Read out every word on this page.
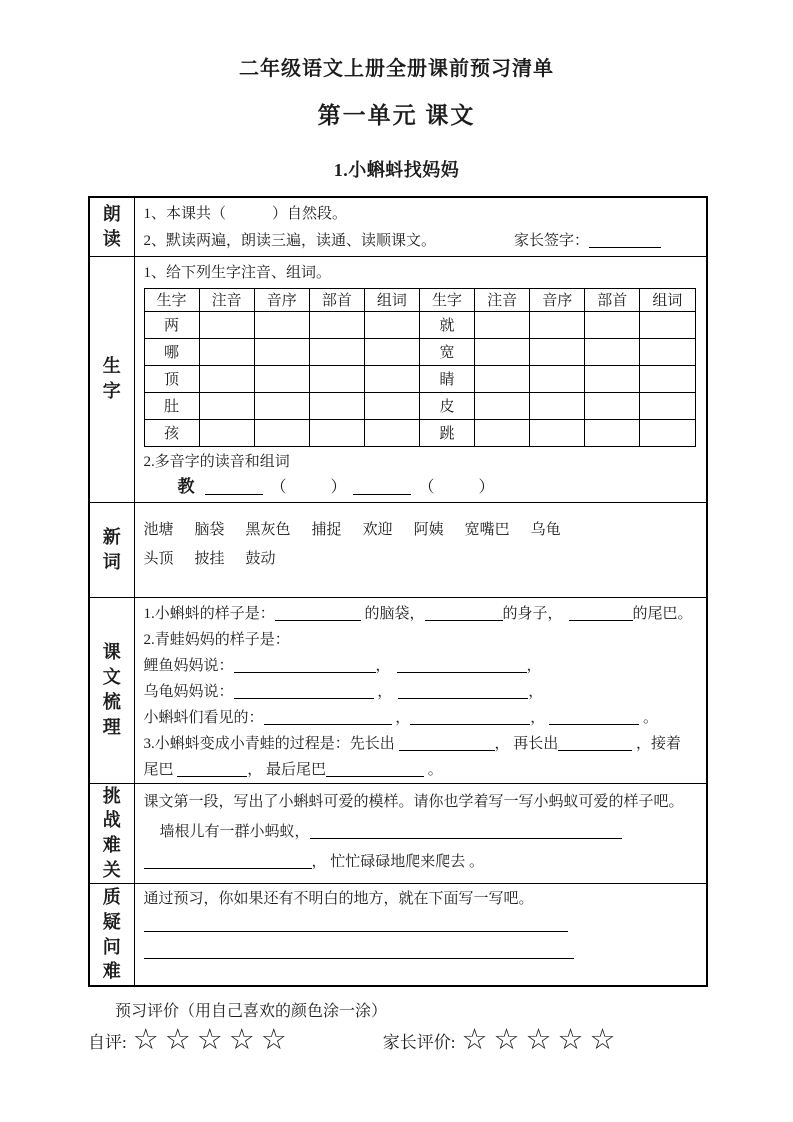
二年级语文上册全册课前预习清单
第一单元 课文
1.小蝌蚪找妈妈
朗读

1、本课共（	）自然段。
2、默读两遍，朗读三遍，读通、读顺课文。	家长签字：

生字

1、给下列生字注音、组词。
生字	注音	音序	部首	组词	生字	注音	音序	部首	组词
两					就				
哪					宽				
顶					睛				
肚					皮				
孩					跳				
2.多音字的读音和组词
教	（	）	（	）

新词

池塘 脑袋 黑灰色 捕捉 欢迎 阿姨 宽嘴巴 乌龟
头顶 披挂 鼓动

课文梳理

1.小蝌蚪的样子是：	的脑袋，	的身子，	的尾巴。
2.青蛙妈妈的样子是：
鲤鱼妈妈说：	，	，
乌龟妈妈说：	，	，
小蝌蚪们看见的：	，	，	。
3.小蝌蚪变成小青蛙的过程是：先长出	， 再长出	，接着
尾巴	， 最后尾巴	。

挑战难关

课文第一段，写出了小蝌蚪可爱的模样。请你也学着写一写小蚂蚁可爱的样子吧。
墙根儿有一群小蚂蚁，
， 忙忙碌碌地爬来爬去 。

质疑问难

通过预习，你如果还有不明白的地方，就在下面写一写吧。
预习评价（用自己喜欢的颜色涂一涂）
自评: ☆ ☆ ☆ ☆ ☆	家长评价: ☆ ☆ ☆ ☆ ☆
